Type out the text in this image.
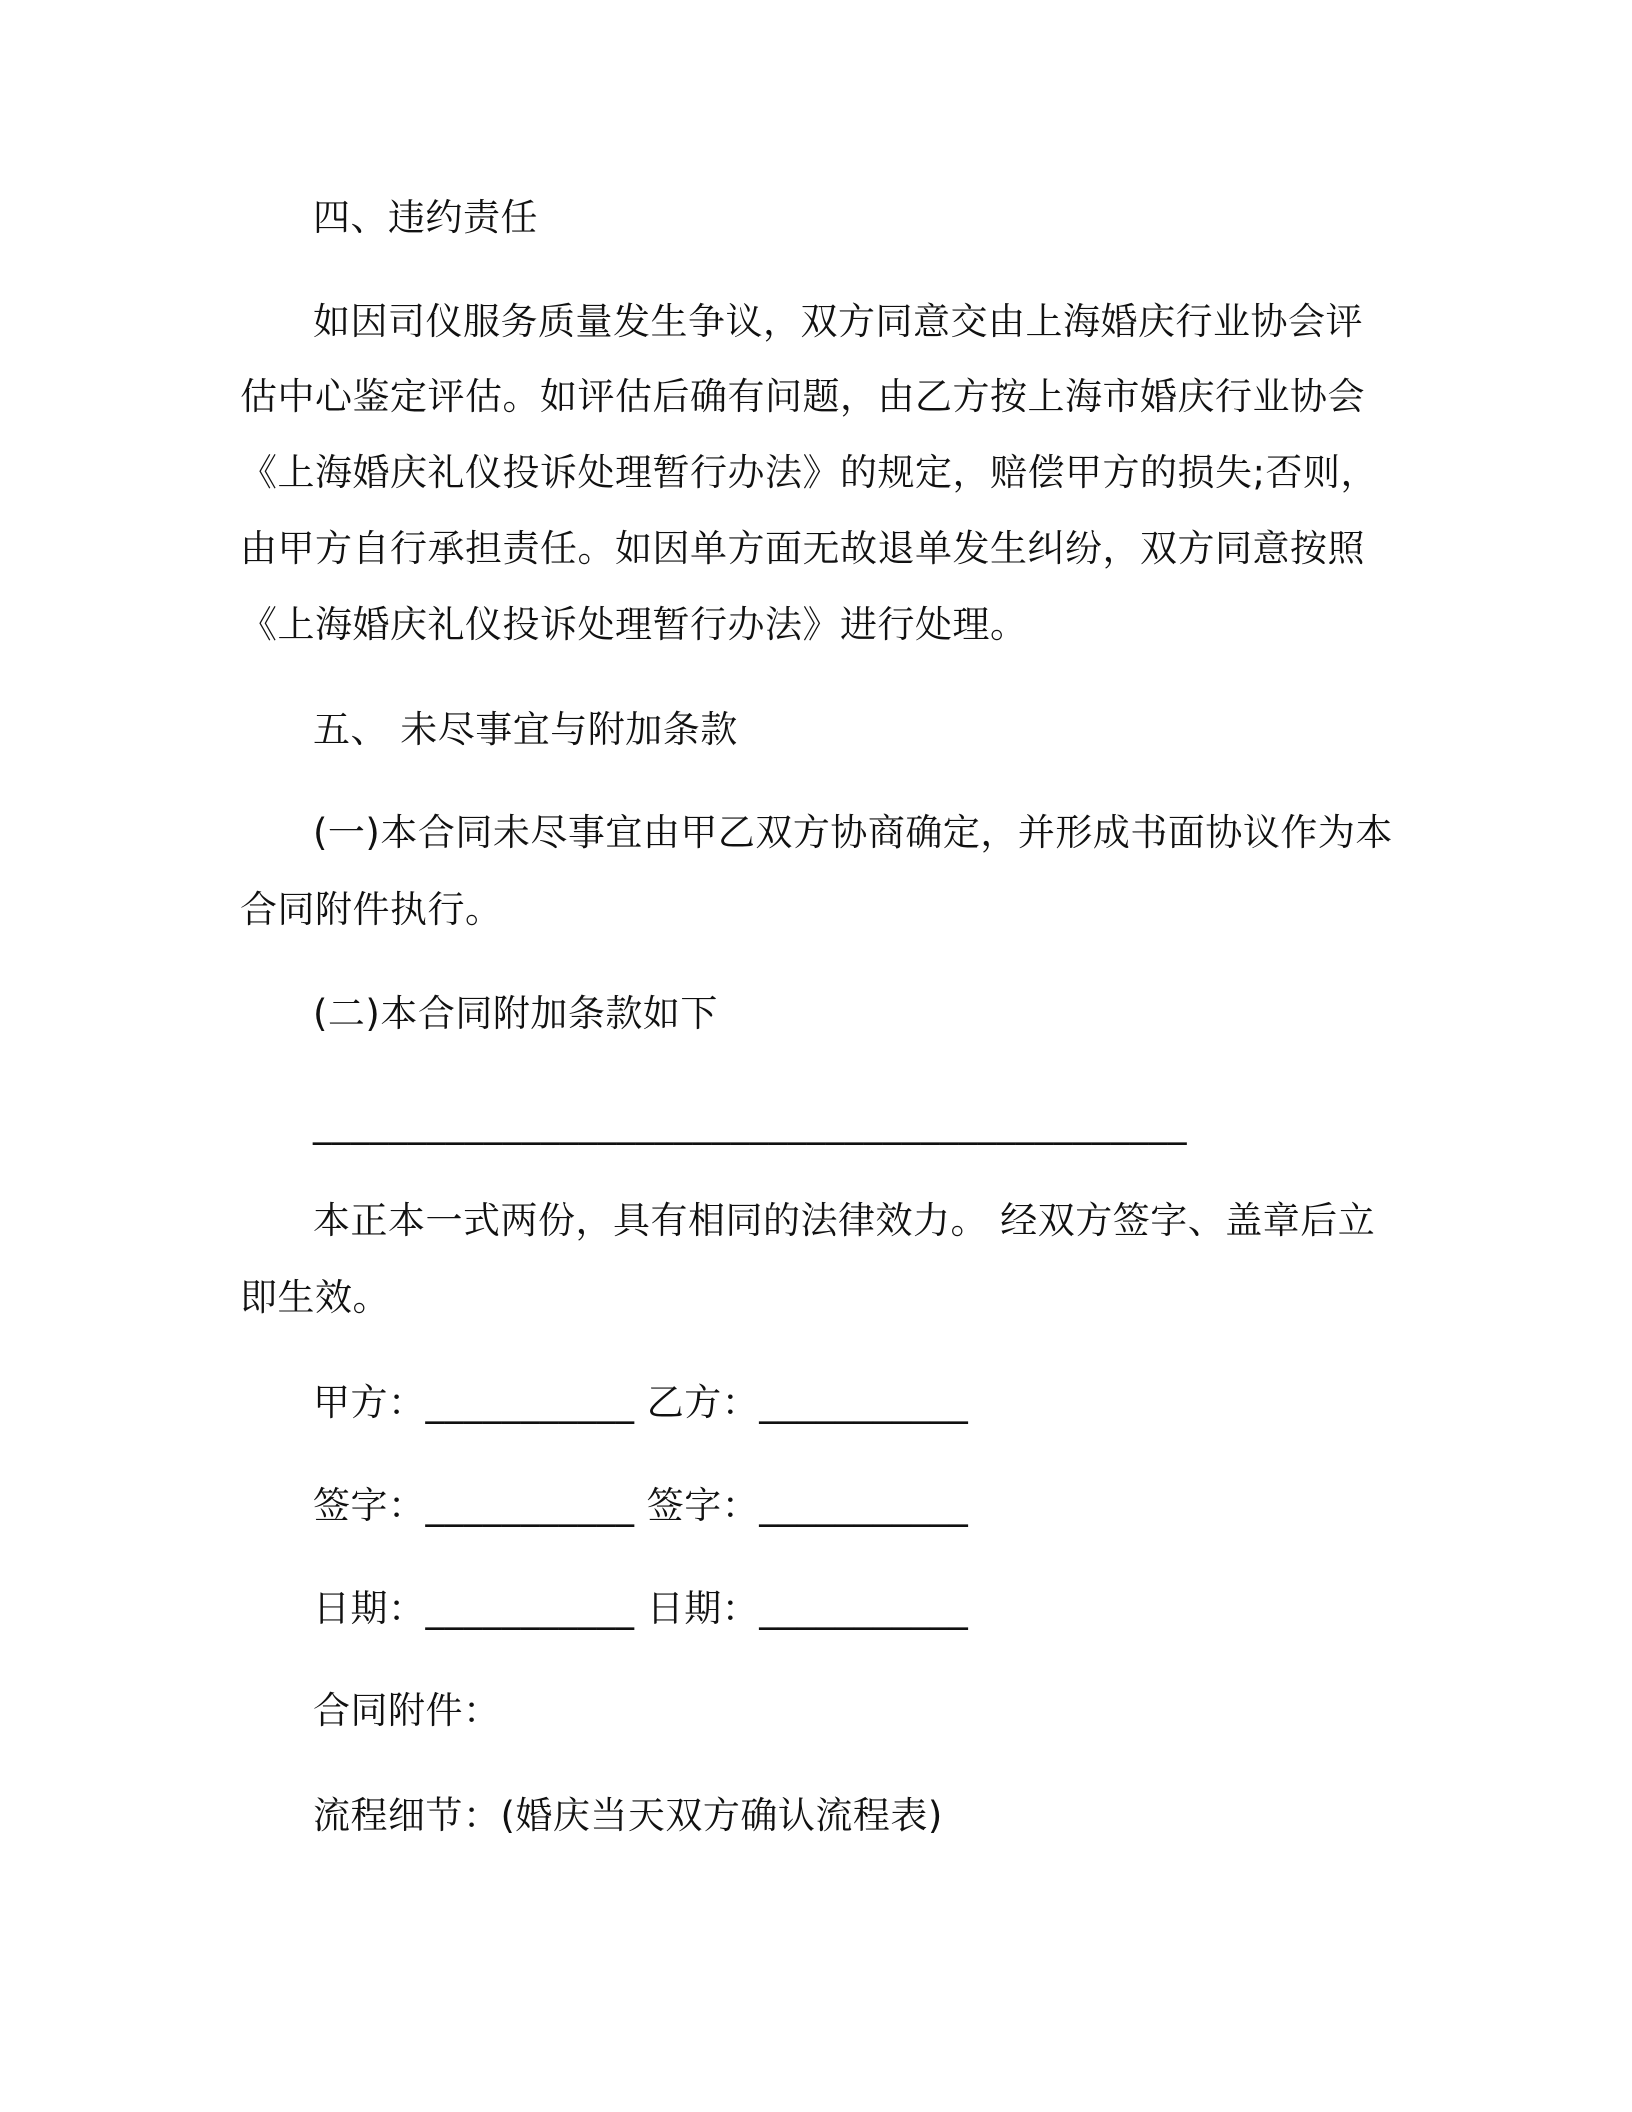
四、违约责任
如因司仪服务质量发生争议，双方同意交由上海婚庆行业协会评
估中心鉴定评估。如评估后确有问题，由乙方按上海市婚庆行业协会
《上海婚庆礼仪投诉处理暂行办法》的规定，赔偿甲方的损失;否则，
由甲方自行承担责任。如因单方面无故退单发生纠纷，双方同意按照
《上海婚庆礼仪投诉处理暂行办法》进行处理。
五、 未尽事宜与附加条款
(一)本合同未尽事宜由甲乙双方协商确定，并形成书面协议作为本
合同附件执行。
(二)本合同附加条款如下
______________________________________________
本正本一式两份，具有相同的法律效力。 经双方签字、盖章后立
即生效。
甲方：___________ 乙方：___________
签字：___________ 签字：___________
日期：___________ 日期：___________
合同附件：
流程细节：(婚庆当天双方确认流程表)
